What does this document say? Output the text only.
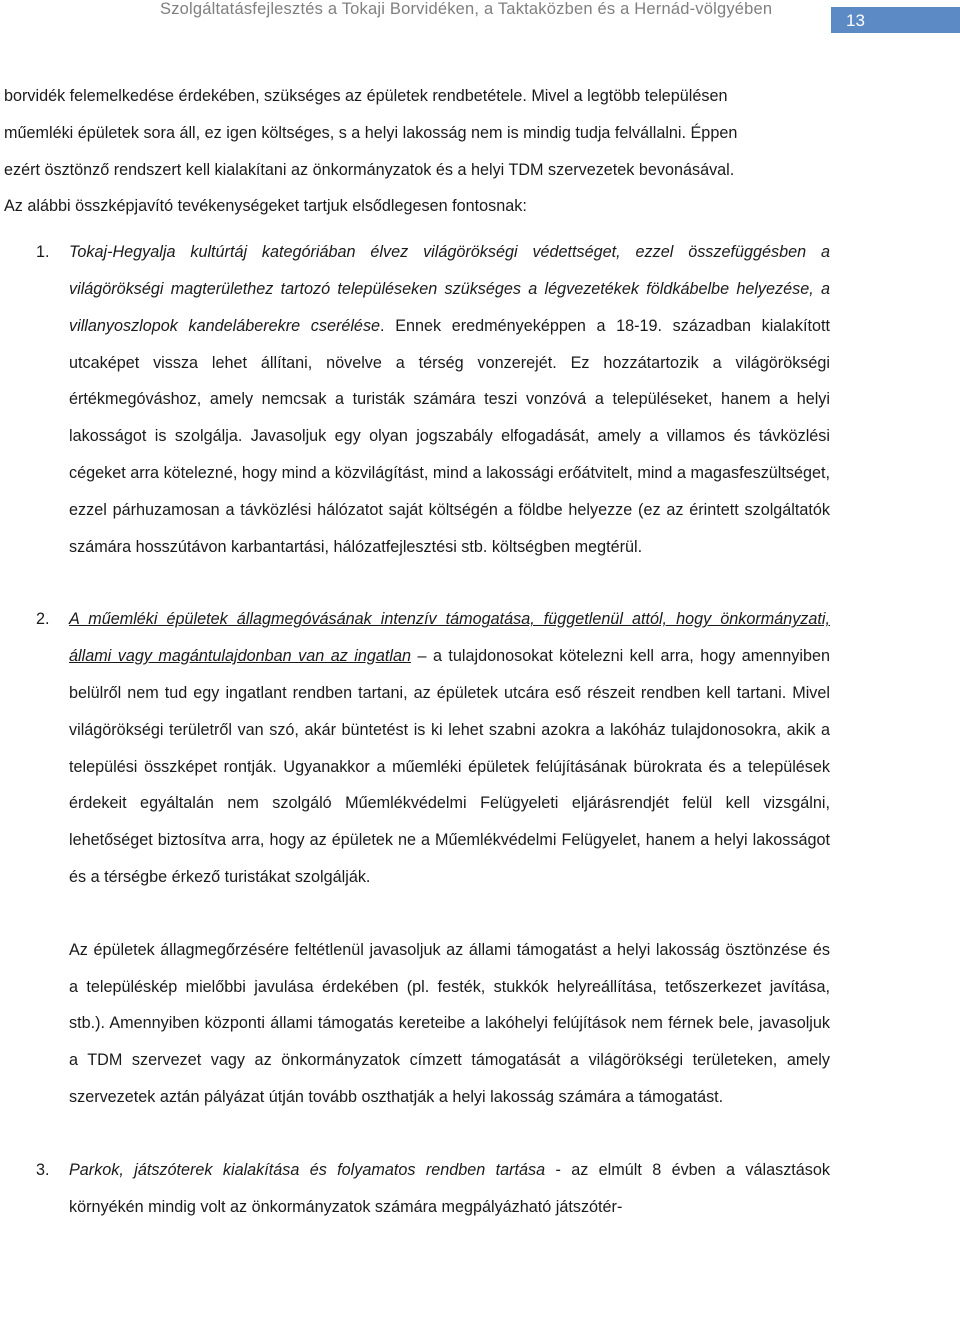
Szolgáltatásfejlesztés a Tokaji Borvidéken, a Taktaközben és a Hernád-völgyében
13

borvidék felemelkedése érdekében, szükséges az épületek rendbetétele. Mivel a legtöbb településen

műemléki épületek sora áll, ez igen költséges, s a helyi lakosság nem is mindig tudja felvállalni. Éppen

ezért ösztönző rendszert kell kialakítani az önkormányzatok és a helyi TDM szervezetek bevonásával.

Az alábbi összképjavító tevékenységeket tartjuk elsődlegesen fontosnak:

1. Tokaj-Hegyalja kultúrtáj kategóriában élvez világörökségi védettséget, ezzel összefüggésben a világörökségi magterülethez tartozó településeken szükséges a légvezetékek földkábelbe helyezése, a villanyoszlopok kandeláberekre cserélése. Ennek eredményeképpen a 18-19. században kialakított utcaképet vissza lehet állítani, növelve a térség vonzerejét. Ez hozzátartozik a világörökségi értékmegóváshoz, amely nemcsak a turisták számára teszi vonzóvá a településeket, hanem a helyi lakosságot is szolgálja. Javasoljuk egy olyan jogszabály elfogadását, amely a villamos és távközlési cégeket arra kötelezné, hogy mind a közvilágítást, mind a lakossági erőátvitelt, mind a magasfeszültséget, ezzel párhuzamosan a távközlési hálózatot saját költségén a földbe helyezze (ez az érintett szolgáltatók számára hosszútávon karbantartási, hálózatfejlesztési stb. költségben megtérül.

2. A műemléki épületek állagmegóvásának intenzív támogatása, függetlenül attól, hogy önkormányzati, állami vagy magántulajdonban van az ingatlan – a tulajdonosokat kötelezni kell arra, hogy amennyiben belülről nem tud egy ingatlant rendben tartani, az épületek utcára eső részeit rendben kell tartani. Mivel világörökségi területről van szó, akár büntetést is ki lehet szabni azokra a lakóház tulajdonosokra, akik a települési összképet rontják. Ugyanakkor a műemléki épületek felújításának bürokrata és a települések érdekeit egyáltalán nem szolgáló Műemlékvédelmi Felügyeleti eljárásrendjét felül kell vizsgálni, lehetőséget biztosítva arra, hogy az épületek ne a Műemlékvédelmi Felügyelet, hanem a helyi lakosságot és a térségbe érkező turistákat szolgálják.

Az épületek állagmegőrzésére feltétlenül javasoljuk az állami támogatást a helyi lakosság ösztönzése és a településkép mielőbbi javulása érdekében (pl. festék, stukkók helyreállítása, tetőszerkezet javítása, stb.). Amennyiben központi állami támogatás kereteibe a lakóhelyi felújítások nem férnek bele, javasoljuk a TDM szervezet vagy az önkormányzatok címzett támogatását a világörökségi területeken, amely szervezetek aztán pályázat útján tovább oszthatják a helyi lakosság számára a támogatást.

3. Parkok, játszóterek kialakítása és folyamatos rendben tartása - az elmúlt 8 évben a választások környékén mindig volt az önkormányzatok számára megpályázható játszótér-
